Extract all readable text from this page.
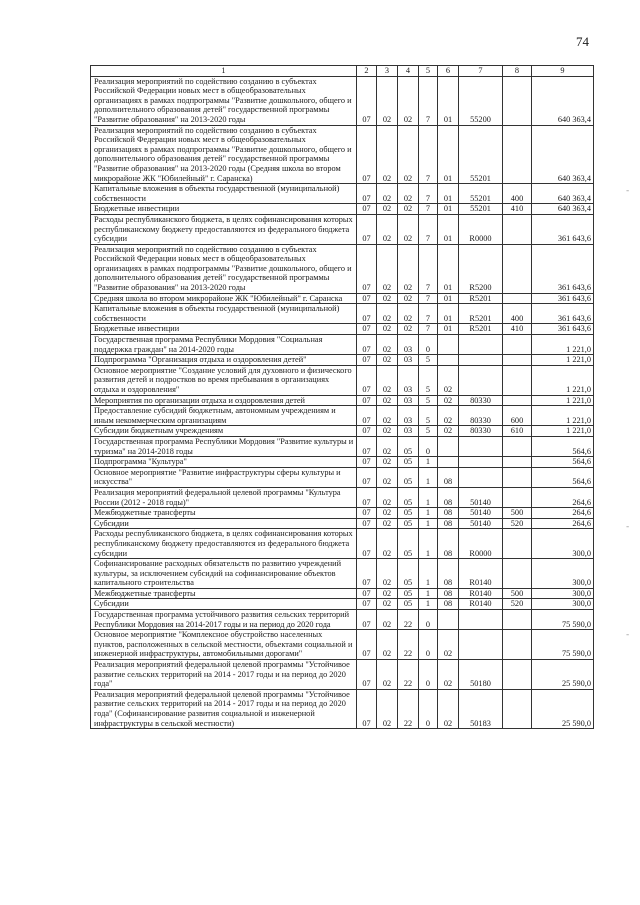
74
1	2	3	4	5	6	7	8	9
Реализация мероприятий по содействию созданию в субъектах Российской Федерации новых мест в общеобразовательных организациях в рамках подпрограммы "Развитие дошкольного, общего и дополнительного образования детей" государственной программы "Развитие образования" на 2013-2020 годы	07	02	02	7	01	55200		640 363,4
Реализация мероприятий по содействию созданию в субъектах Российской Федерации новых мест в общеобразовательных организациях в рамках подпрограммы "Развитие дошкольного, общего и дополнительного образования детей" государственной программы "Развитие образования" на 2013-2020 годы (Средняя школа во втором микрорайоне ЖК "Юбилейный" г. Саранска)	07	02	02	7	01	55201		640 363,4
Капитальные вложения в объекты государственной (муниципальной) собственности	07	02	02	7	01	55201	400	640 363,4
Бюджетные инвестиции	07	02	02	7	01	55201	410	640 363,4
Расходы республиканского бюджета, в целях софинансирования которых республиканскому бюджету предоставляются из федерального бюджета субсидии	07	02	02	7	01	R0000		361 643,6
Реализация мероприятий по содействию созданию в субъектах Российской Федерации новых мест в общеобразовательных организациях в рамках подпрограммы "Развитие дошкольного, общего и дополнительного образования детей" государственной программы "Развитие образования" на 2013-2020 годы	07	02	02	7	01	R5200		361 643,6
Средняя школа во втором микрорайоне ЖК "Юбилейный" г. Саранска	07	02	02	7	01	R5201		361 643,6
Капитальные вложения в объекты государственной (муниципальной) собственности	07	02	02	7	01	R5201	400	361 643,6
Бюджетные инвестиции	07	02	02	7	01	R5201	410	361 643,6
Государственная программа Республики Мордовия "Социальная поддержка граждан" на 2014-2020 годы	07	02	03	0				1 221,0
Подпрограмма "Организация отдыха и оздоровления детей"	07	02	03	5				1 221,0
Основное мероприятие "Создание условий для духовного и физического развития детей и подростков во время пребывания в организациях отдыха и оздоровления"	07	02	03	5	02			1 221,0
Мероприятия по организации отдыха и оздоровления детей	07	02	03	5	02	80330		1 221,0
Предоставление субсидий бюджетным, автономным учреждениям и иным некоммерческим организациям	07	02	03	5	02	80330	600	1 221,0
Субсидии бюджетным учреждениям	07	02	03	5	02	80330	610	1 221,0
Государственная программа Республики Мордовия "Развитие культуры и туризма" на 2014-2018 годы	07	02	05	0				564,6
Подпрограмма "Культура"	07	02	05	1				564,6
Основное мероприятие "Развитие инфраструктуры сферы культуры и искусства"	07	02	05	1	08			564,6
Реализация мероприятий федеральной целевой программы "Культура России (2012 - 2018 годы)"	07	02	05	1	08	50140		264,6
Межбюджетные трансферты	07	02	05	1	08	50140	500	264,6
Субсидии	07	02	05	1	08	50140	520	264,6
Расходы республиканского бюджета, в целях софинансирования которых республиканскому бюджету предоставляются из федерального бюджета субсидии	07	02	05	1	08	R0000		300,0
Софинансирование расходных обязательств по развитию учреждений культуры, за исключением субсидий на софинансирование объектов капитального строительства	07	02	05	1	08	R0140		300,0
Межбюджетные трансферты	07	02	05	1	08	R0140	500	300,0
Субсидии	07	02	05	1	08	R0140	520	300,0
Государственная программа устойчивого развития сельских территорий Республики Мордовия на 2014-2017 годы и на период до 2020 года	07	02	22	0				75 590,0
Основное мероприятие "Комплексное обустройство населенных пунктов, расположенных в сельской местности, объектами социальной и инженерной инфраструктуры, автомобильными дорогами"	07	02	22	0	02			75 590,0
Реализация мероприятий федеральной целевой программы "Устойчивое развитие сельских территорий на 2014 - 2017 годы и на период до 2020 года"	07	02	22	0	02	50180		25 590,0
Реализация мероприятий федеральной целевой программы "Устойчивое развитие сельских территорий на 2014 - 2017 годы и на период до 2020 года" (Софинансирование развития социальной и инженерной инфраструктуры в сельской местности)	07	02	22	0	02	50183		25 590,0
-
-
-
